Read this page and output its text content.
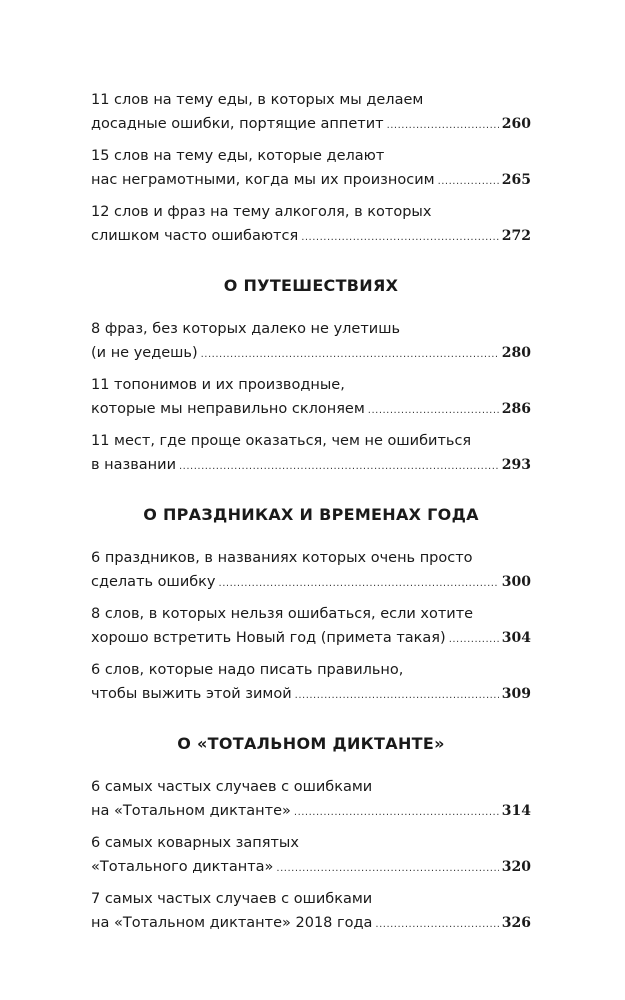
11 слов на тему еды, в которых мы делаем
досадные ошибки, портящие аппетит .....	260
15 слов на тему еды, которые делают
нас неграмотными, когда мы их произносим .....	265
12 слов и фраз на тему алкоголя, в которых
слишком часто ошибаются .....	272
О ПУТЕШЕСТВИЯХ
8 фраз, без которых далеко не улетишь
(и не уедешь) .....	280
11 топонимов и их производные,
которые мы неправильно склоняем .....	286
11 мест, где проще оказаться, чем не ошибиться
в названии .....	293
О ПРАЗДНИКАХ И ВРЕМЕНАХ ГОДА
6 праздников, в названиях которых очень просто
сделать ошибку .....	300
8 слов, в которых нельзя ошибаться, если хотите
хорошо встретить Новый год (примета такая) .....	304
6 слов, которые надо писать правильно,
чтобы выжить этой зимой .....	309
О «ТОТАЛЬНОМ ДИКТАНТЕ»
6 самых частых случаев с ошибками
на «Тотальном диктанте» .....	314
6 самых коварных запятых
«Тотального диктанта» .....	320
7 самых частых случаев с ошибками
на «Тотальном диктанте» 2018 года .....	326
